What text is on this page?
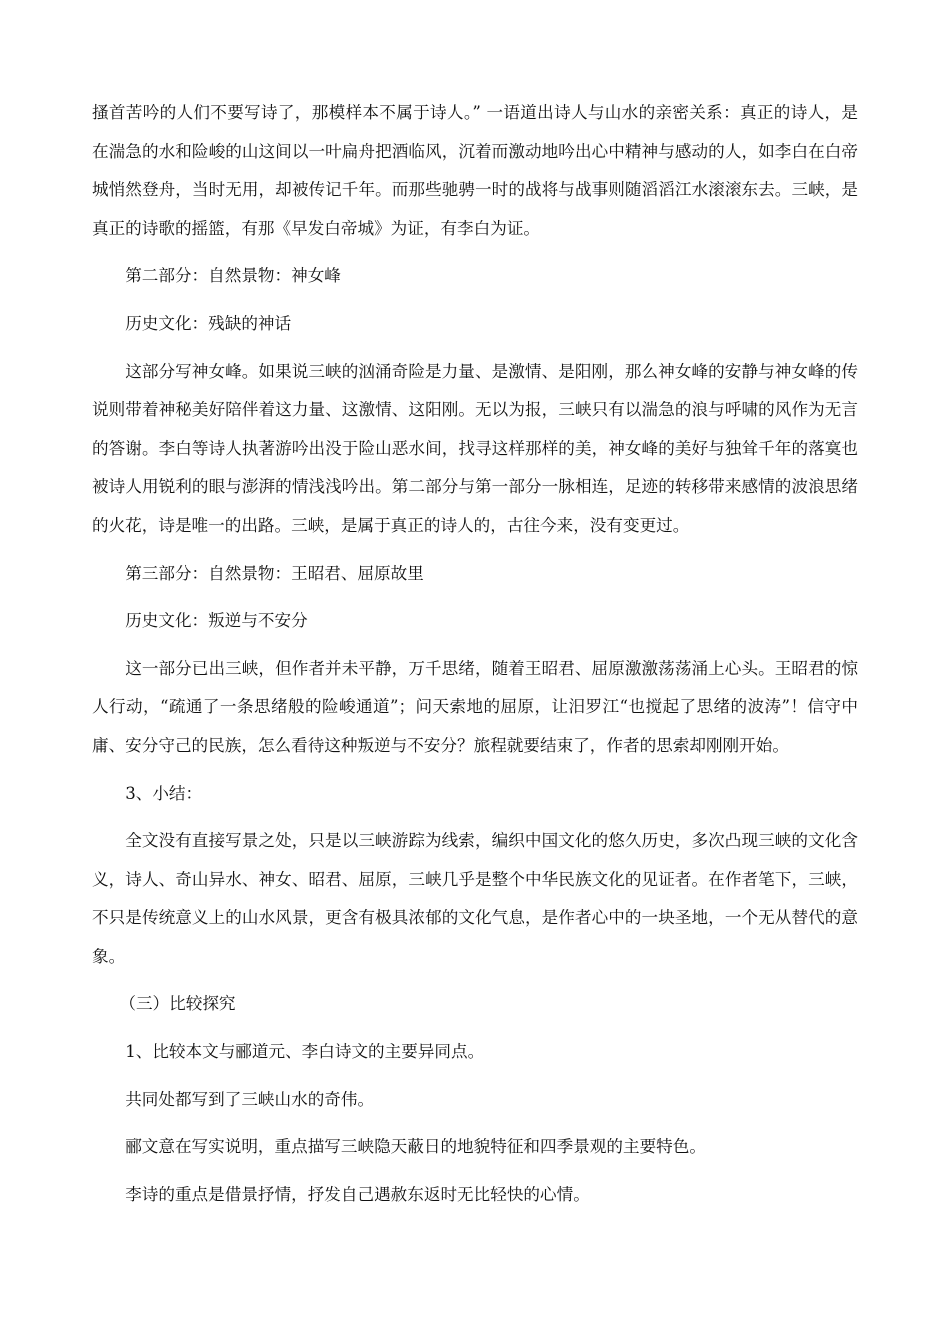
搔首苦吟的人们不要写诗了，那模样本不属于诗人。” 一语道出诗人与山水的亲密关系：真正的诗人，是在湍急的水和险峻的山这间以一叶扁舟把酒临风，沉着而激动地吟出心中精神与感动的人，如李白在白帝城悄然登舟，当时无用，却被传记千年。而那些驰骋一时的战将与战事则随滔滔江水滚滚东去。三峡，是真正的诗歌的摇篮，有那《早发白帝城》为证，有李白为证。

第二部分：自然景物：神女峰

历史文化：残缺的神话

这部分写神女峰。如果说三峡的汹涌奇险是力量、是激情、是阳刚，那么神女峰的安静与神女峰的传说则带着神秘美好陪伴着这力量、这激情、这阳刚。无以为报，三峡只有以湍急的浪与呼啸的风作为无言的答谢。李白等诗人执著游吟出没于险山恶水间，找寻这样那样的美，神女峰的美好与独耸千年的落寞也被诗人用锐利的眼与澎湃的情浅浅吟出。第二部分与第一部分一脉相连，足迹的转移带来感情的波浪思绪的火花，诗是唯一的出路。三峡，是属于真正的诗人的，古往今来，没有变更过。

第三部分：自然景物：王昭君、屈原故里

历史文化：叛逆与不安分

这一部分已出三峡，但作者并未平静，万千思绪，随着王昭君、屈原激激荡荡涌上心头。王昭君的惊人行动，“疏通了一条思绪般的险峻通道”；问天索地的屈原，让汨罗江“也搅起了思绪的波涛”！信守中庸、安分守己的民族，怎么看待这种叛逆与不安分？旅程就要结束了，作者的思索却刚刚开始。

3、小结：

全文没有直接写景之处，只是以三峡游踪为线索，编织中国文化的悠久历史，多次凸现三峡的文化含义，诗人、奇山异水、神女、昭君、屈原，三峡几乎是整个中华民族文化的见证者。在作者笔下，三峡，不只是传统意义上的山水风景，更含有极具浓郁的文化气息，是作者心中的一块圣地，一个无从替代的意象。

（三）比较探究

1、比较本文与郦道元、李白诗文的主要异同点。

共同处都写到了三峡山水的奇伟。

郦文意在写实说明，重点描写三峡隐天蔽日的地貌特征和四季景观的主要特色。

李诗的重点是借景抒情，抒发自己遇赦东返时无比轻快的心情。
